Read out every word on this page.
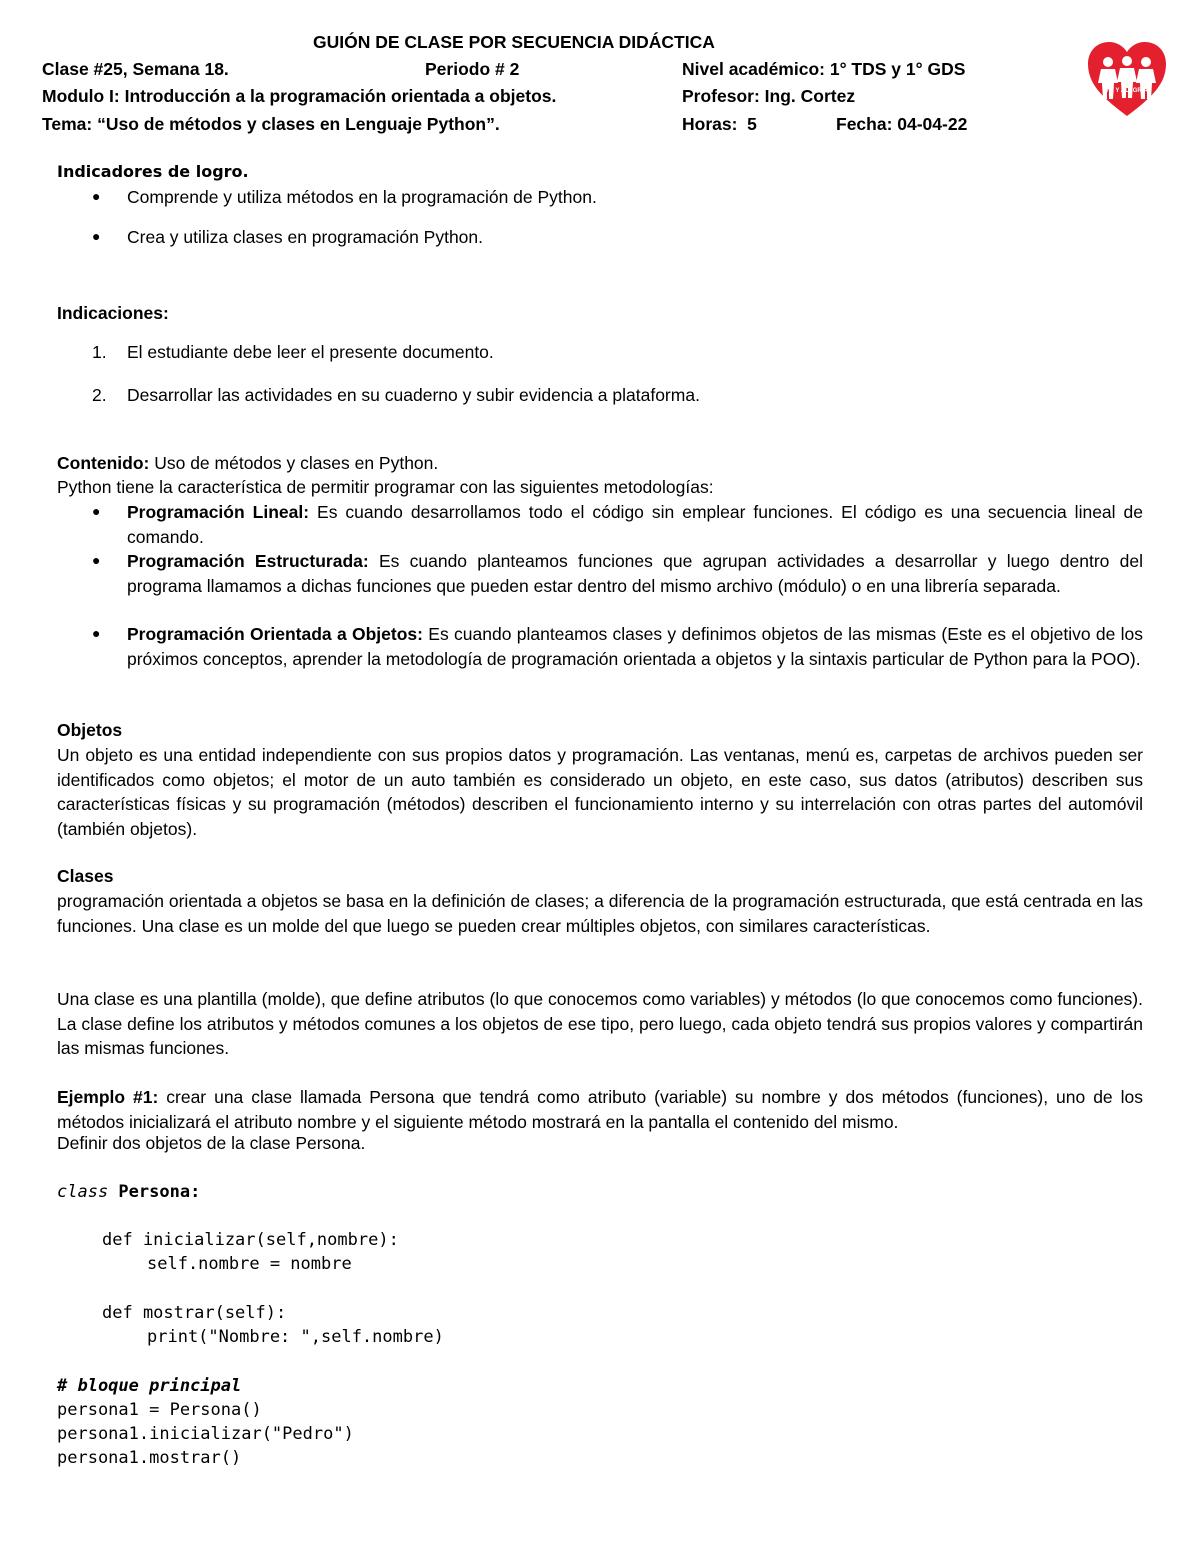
GUIÓN DE CLASE POR SECUENCIA DIDÁCTICA
Clase #25, Semana 18.	Periodo # 2	Nivel académico: 1° TDS y 1° GDS
Modulo I: Introducción a la programación orientada a objetos.	Profesor: Ing. Cortez
Tema: “Uso de métodos y clases en Lenguaje Python”.	Horas:  5	Fecha: 04-04-22
FE Y ALEGRIA
Indicadores de logro.
● Comprende y utiliza métodos en la programación de Python.
● Crea y utiliza clases en programación Python.
Indicaciones:
1. El estudiante debe leer el presente documento.
2. Desarrollar las actividades en su cuaderno y subir evidencia a plataforma.
Contenido: Uso de métodos y clases en Python.
Python tiene la característica de permitir programar con las siguientes metodologías:
● Programación Lineal: Es cuando desarrollamos todo el código sin emplear funciones. El código es una secuencia lineal de comando.
● Programación Estructurada: Es cuando planteamos funciones que agrupan actividades a desarrollar y luego dentro del programa llamamos a dichas funciones que pueden estar dentro del mismo archivo (módulo) o en una librería separada.
● Programación Orientada a Objetos: Es cuando planteamos clases y definimos objetos de las mismas (Este es el objetivo de los próximos conceptos, aprender la metodología de programación orientada a objetos y la sintaxis particular de Python para la POO).
Objetos
Un objeto es una entidad independiente con sus propios datos y programación. Las ventanas, menú es, carpetas de archivos pueden ser identificados como objetos; el motor de un auto también es considerado un objeto, en este caso, sus datos (atributos) describen sus características físicas y su programación (métodos) describen el funcionamiento interno y su interrelación con otras partes del automóvil (también objetos).
Clases
programación orientada a objetos se basa en la definición de clases; a diferencia de la programación estructurada, que está centrada en las funciones. Una clase es un molde del que luego se pueden crear múltiples objetos, con similares características.
Una clase es una plantilla (molde), que define atributos (lo que conocemos como variables) y métodos (lo que conocemos como funciones). La clase define los atributos y métodos comunes a los objetos de ese tipo, pero luego, cada objeto tendrá sus propios valores y compartirán las mismas funciones.
Ejemplo #1: crear una clase llamada Persona que tendrá como atributo (variable) su nombre y dos métodos (funciones), uno de los métodos inicializará el atributo nombre y el siguiente método mostrará en la pantalla el contenido del mismo.
Definir dos objetos de la clase Persona.
class Persona:
def inicializar(self,nombre):
self.nombre = nombre
def mostrar(self):
print("Nombre: ",self.nombre)
# bloque principal
persona1 = Persona()
persona1.inicializar("Pedro")
persona1.mostrar()
